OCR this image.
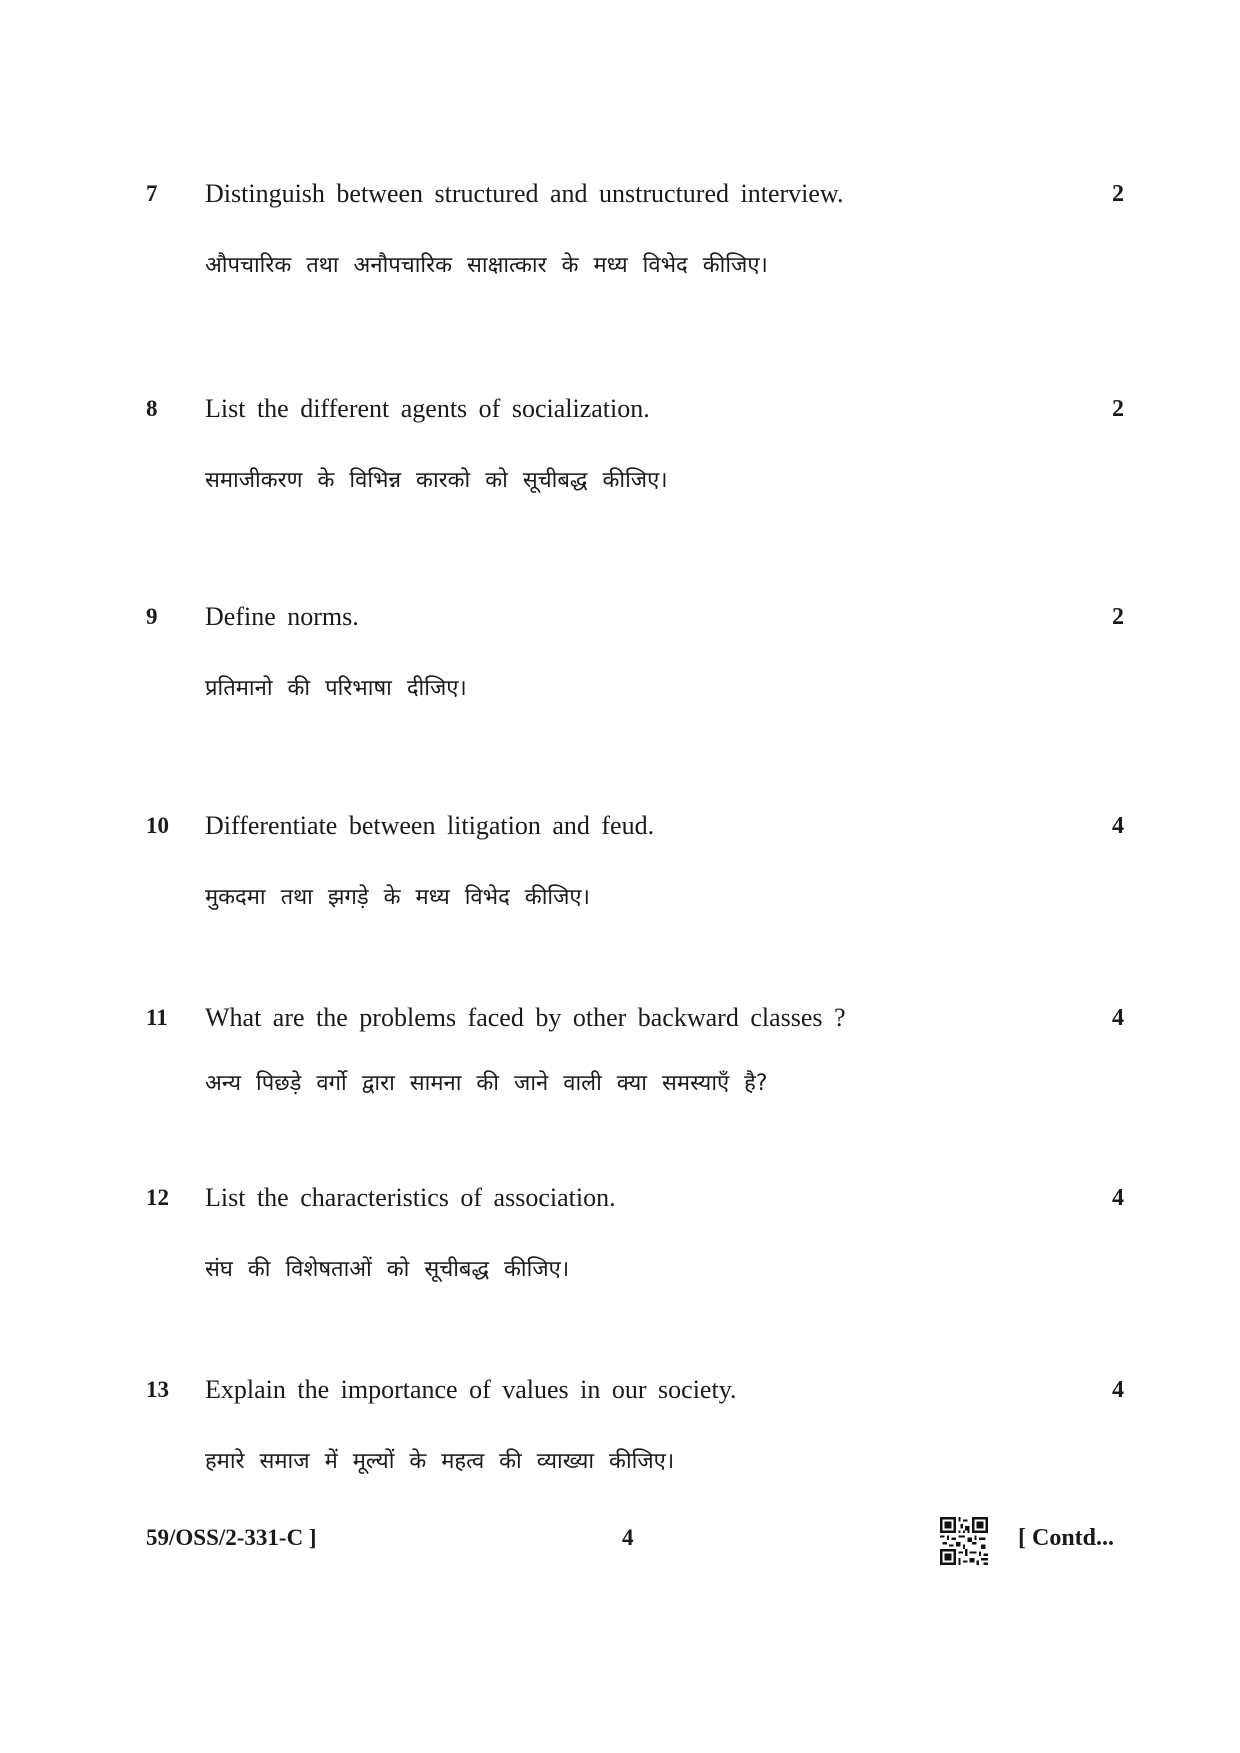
7 Distinguish between structured and unstructured interview.	2
औपचारिक तथा अनौपचारिक साक्षात्कार के मध्य विभेद कीजिए।
8 List the different agents of socialization.	2
समाजीकरण के विभिन्न कारको को सूचीबद्ध कीजिए।
9 Define norms.	2
प्रतिमानो की परिभाषा दीजिए।
10 Differentiate between litigation and feud.	4
मुकदमा तथा झगड़े के मध्य विभेद कीजिए।
11 What are the problems faced by other backward classes ?	4
अन्य पिछड़े वर्गो द्वारा सामना की जाने वाली क्या समस्याएँ है?
12 List the characteristics of association.	4
संघ की विशेषताओं को सूचीबद्ध कीजिए।
13 Explain the importance of values in our society.	4
हमारे समाज में मूल्यों के महत्व की व्याख्या कीजिए।
59/OSS/2-331-C ]	4	[ Contd...
